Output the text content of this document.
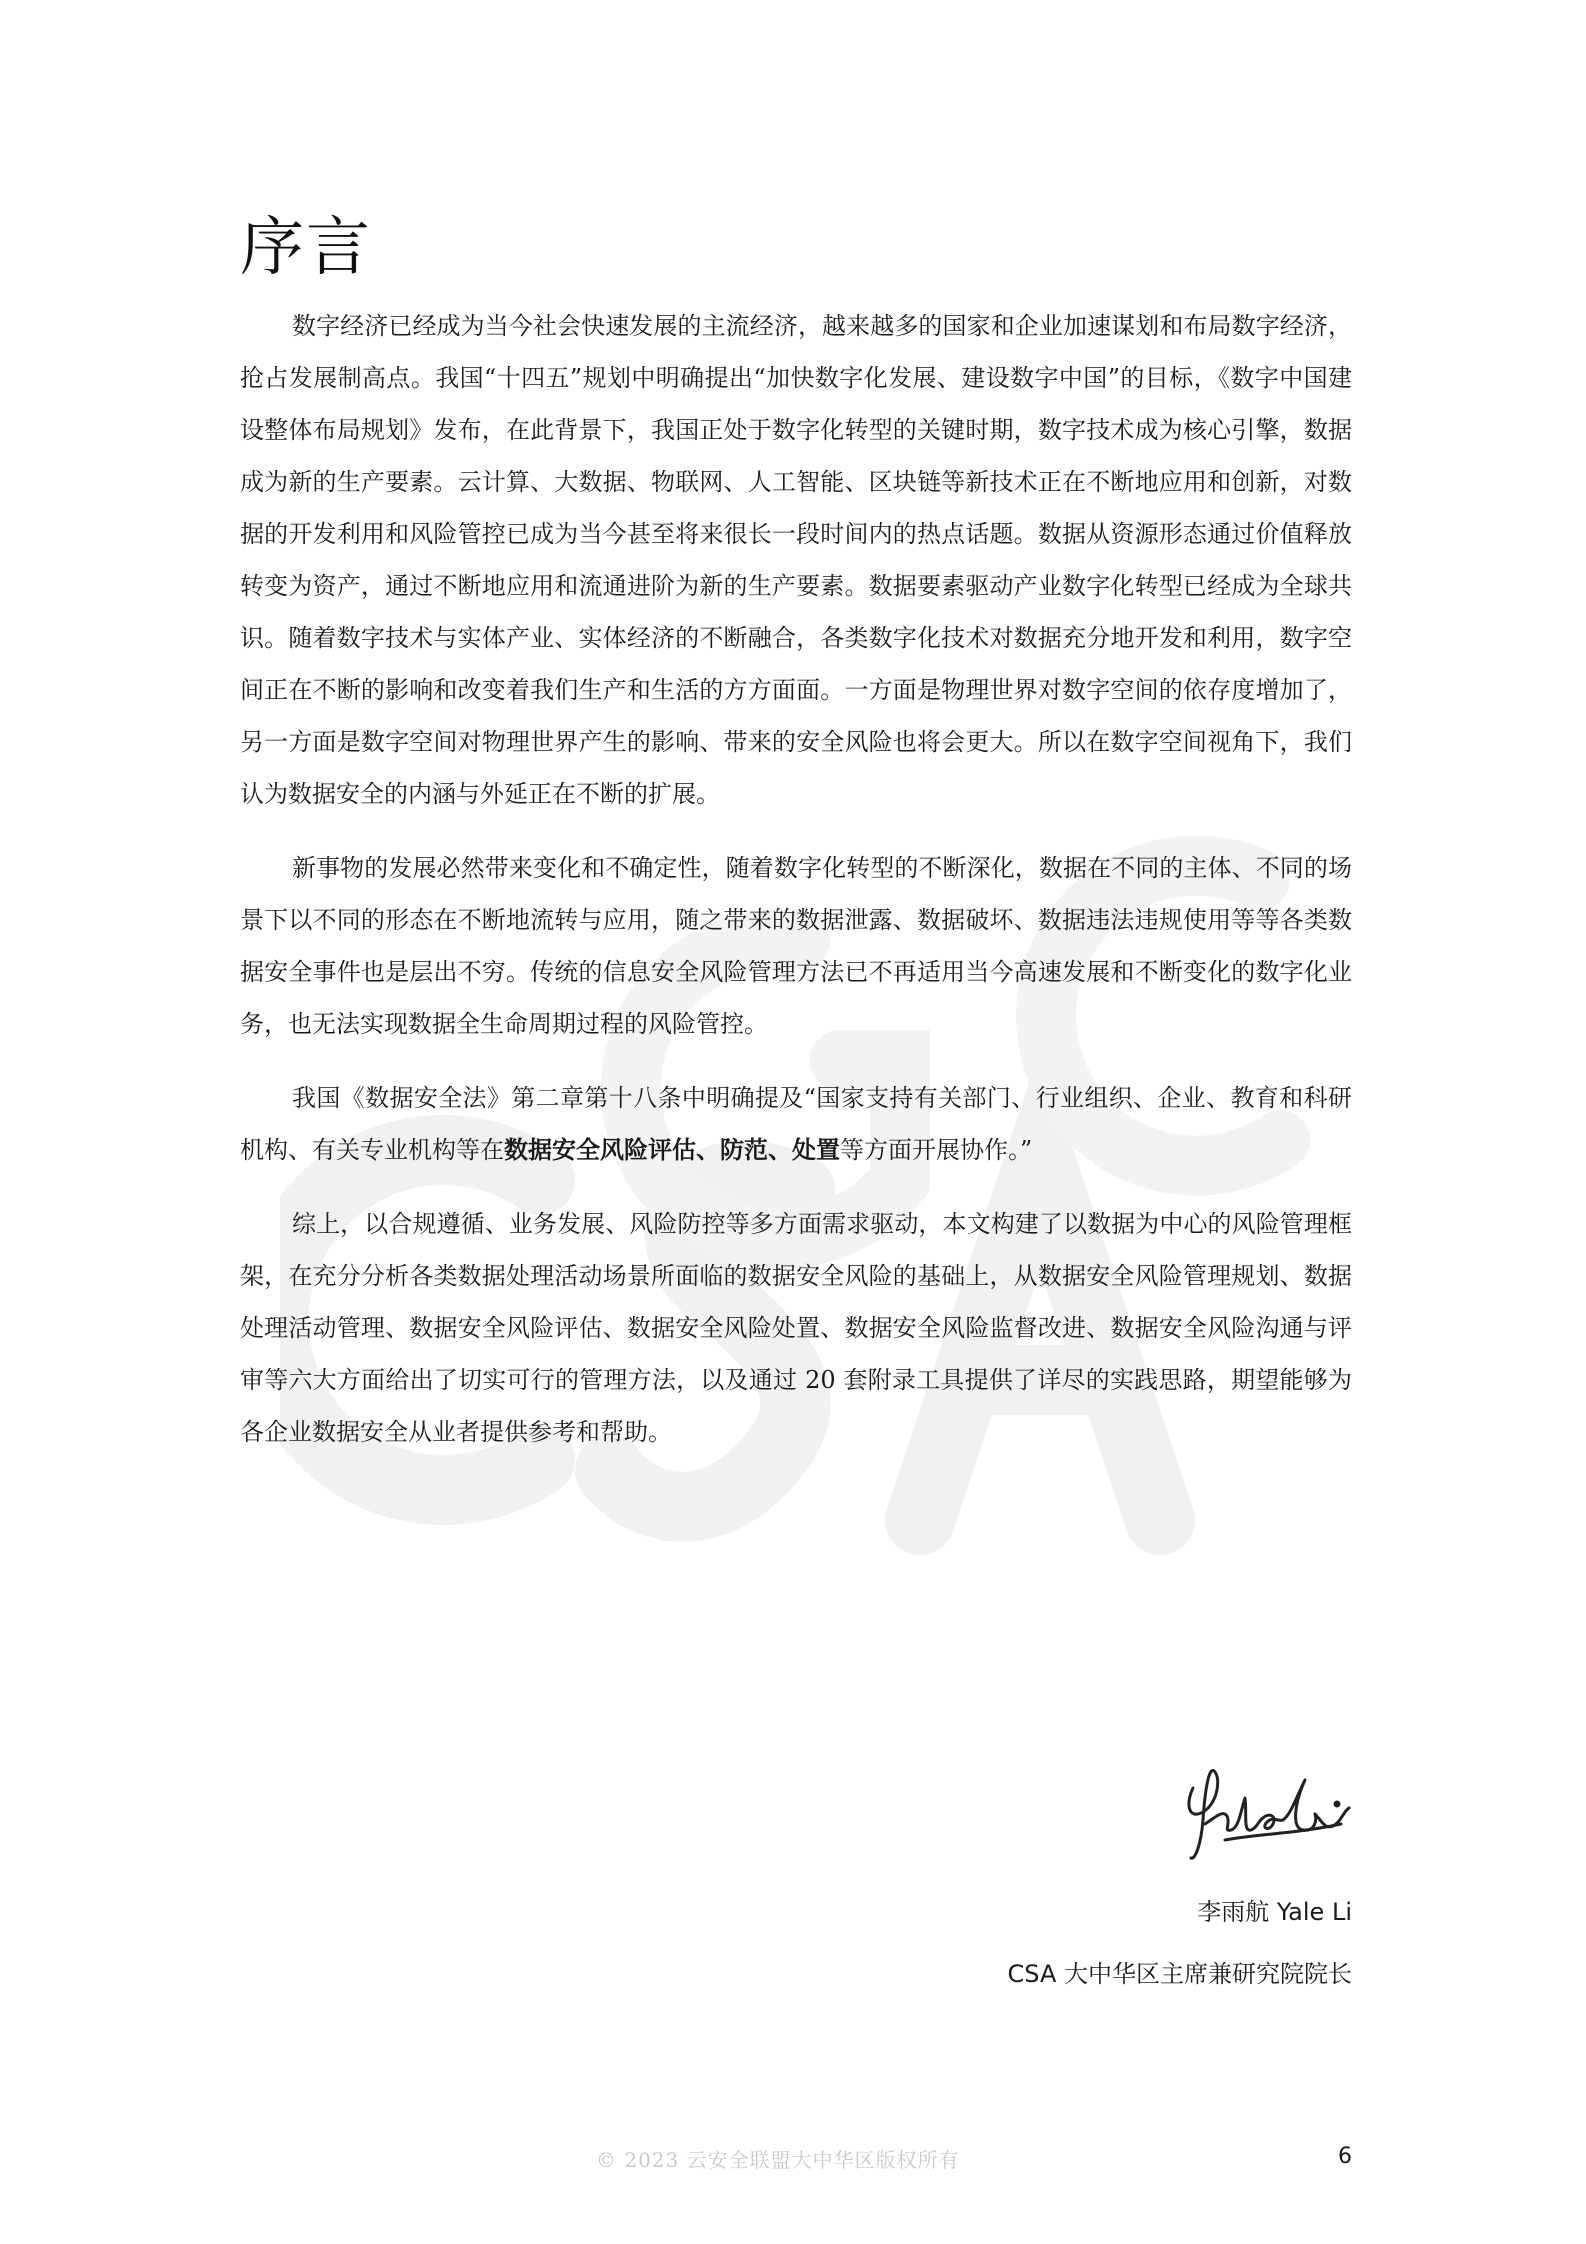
序言

数字经济已经成为当今社会快速发展的主流经济，越来越多的国家和企业加速谋划和布局数字经济，抢占发展制高点。我国“十四五”规划中明确提出“加快数字化发展、建设数字中国”的目标，《数字中国建设整体布局规划》发布，在此背景下，我国正处于数字化转型的关键时期，数字技术成为核心引擎，数据成为新的生产要素。云计算、大数据、物联网、人工智能、区块链等新技术正在不断地应用和创新，对数据的开发利用和风险管控已成为当今甚至将来很长一段时间内的热点话题。数据从资源形态通过价值释放转变为资产，通过不断地应用和流通进阶为新的生产要素。数据要素驱动产业数字化转型已经成为全球共识。随着数字技术与实体产业、实体经济的不断融合，各类数字化技术对数据充分地开发和利用，数字空间正在不断的影响和改变着我们生产和生活的方方面面。一方面是物理世界对数字空间的依存度增加了，另一方面是数字空间对物理世界产生的影响、带来的安全风险也将会更大。所以在数字空间视角下，我们认为数据安全的内涵与外延正在不断的扩展。

新事物的发展必然带来变化和不确定性，随着数字化转型的不断深化，数据在不同的主体、不同的场景下以不同的形态在不断地流转与应用，随之带来的数据泄露、数据破坏、数据违法违规使用等等各类数据安全事件也是层出不穷。传统的信息安全风险管理方法已不再适用当今高速发展和不断变化的数字化业务，也无法实现数据全生命周期过程的风险管控。

我国《数据安全法》第二章第十八条中明确提及“国家支持有关部门、行业组织、企业、教育和科研机构、有关专业机构等在数据安全风险评估、防范、处置等方面开展协作。”

综上，以合规遵循、业务发展、风险防控等多方面需求驱动，本文构建了以数据为中心的风险管理框架，在充分分析各类数据处理活动场景所面临的数据安全风险的基础上，从数据安全风险管理规划、数据处理活动管理、数据安全风险评估、数据安全风险处置、数据安全风险监督改进、数据安全风险沟通与评审等六大方面给出了切实可行的管理方法，以及通过 20 套附录工具提供了详尽的实践思路，期望能够为各企业数据安全从业者提供参考和帮助。

李雨航 Yale Li
CSA 大中华区主席兼研究院院长
© 2023 云安全联盟大中华区版权所有	6
